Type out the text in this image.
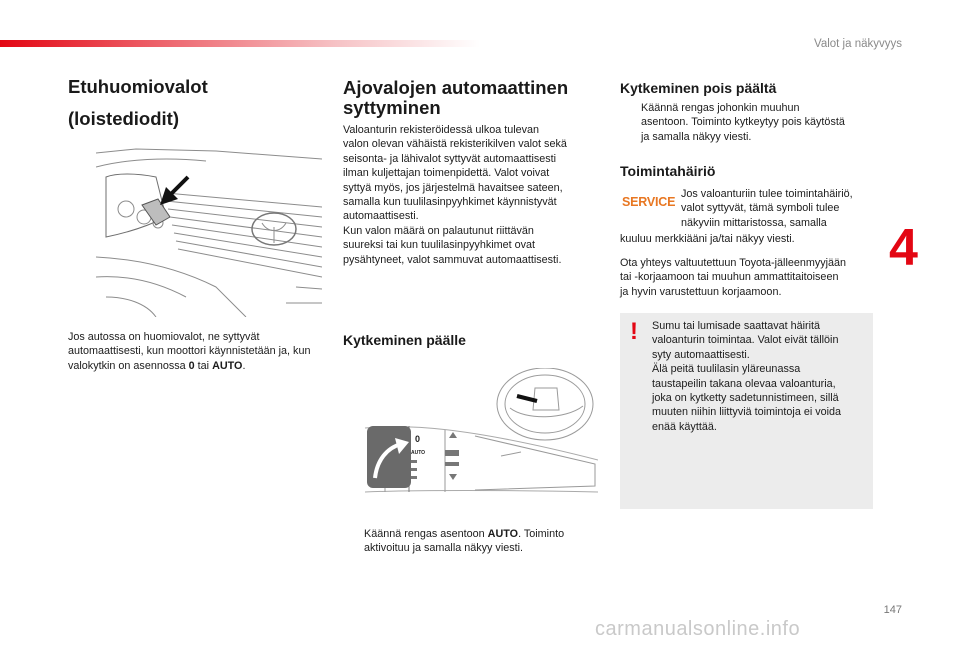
Valot ja näkyvyys
4
Etuhuomiovalot
(loistediodit)

Jos autossa on huomiovalot, ne syttyvät automaattisesti, kun moottori käynnistetään ja, kun valokytkin on asennossa 0 tai AUTO.

Ajovalojen automaattinen
syttyminen
Valoanturin rekisteröidessä ulkoa tulevan
valon olevan vähäistä rekisterikilven valot sekä
seisonta- ja lähivalot syttyvät automaattisesti
ilman kuljettajan toimenpidettä. Valot voivat
syttyä myös, jos järjestelmä havaitsee sateen,
samalla kun tuulilasinpyyhkimet käynnistyvät
automaattisesti.
Kun valon määrä on palautunut riittävän
suureksi tai kun tuulilasinpyyhkimet ovat
pysähtyneet, valot sammuvat automaattisesti.
Kytkeminen päälle
0
AUTO
Käännä rengas asentoon AUTO. Toiminto
aktivoituu ja samalla näkyy viesti.
Kytkeminen pois päältä
Käännä rengas johonkin muuhun
asentoon. Toiminto kytkeytyy pois käytöstä
ja samalla näkyy viesti.
Toimintahäiriö
SERVICE
Jos valoanturiin tulee toimintahäiriö,
valot syttyvät, tämä symboli tulee
näkyviin mittaristossa, samalla
kuuluu merkkiääni ja/tai näkyy viesti.
Ota yhteys valtuutettuun Toyota-jälleenmyyjään
tai -korjaamoon tai muuhun ammattitaitoiseen
ja hyvin varustettuun korjaamoon.
! Sumu tai lumisade saattavat häiritä
valoanturin toimintaa. Valot eivät tällöin
syty automaattisesti.
Älä peitä tuulilasin yläreunassa
taustapeilin takana olevaa valoanturia,
joka on kytketty sadetunnistimeen, sillä
muuten niihin liittyviä toimintoja ei voida
enää käyttää.
147
carmanualsonline.info
